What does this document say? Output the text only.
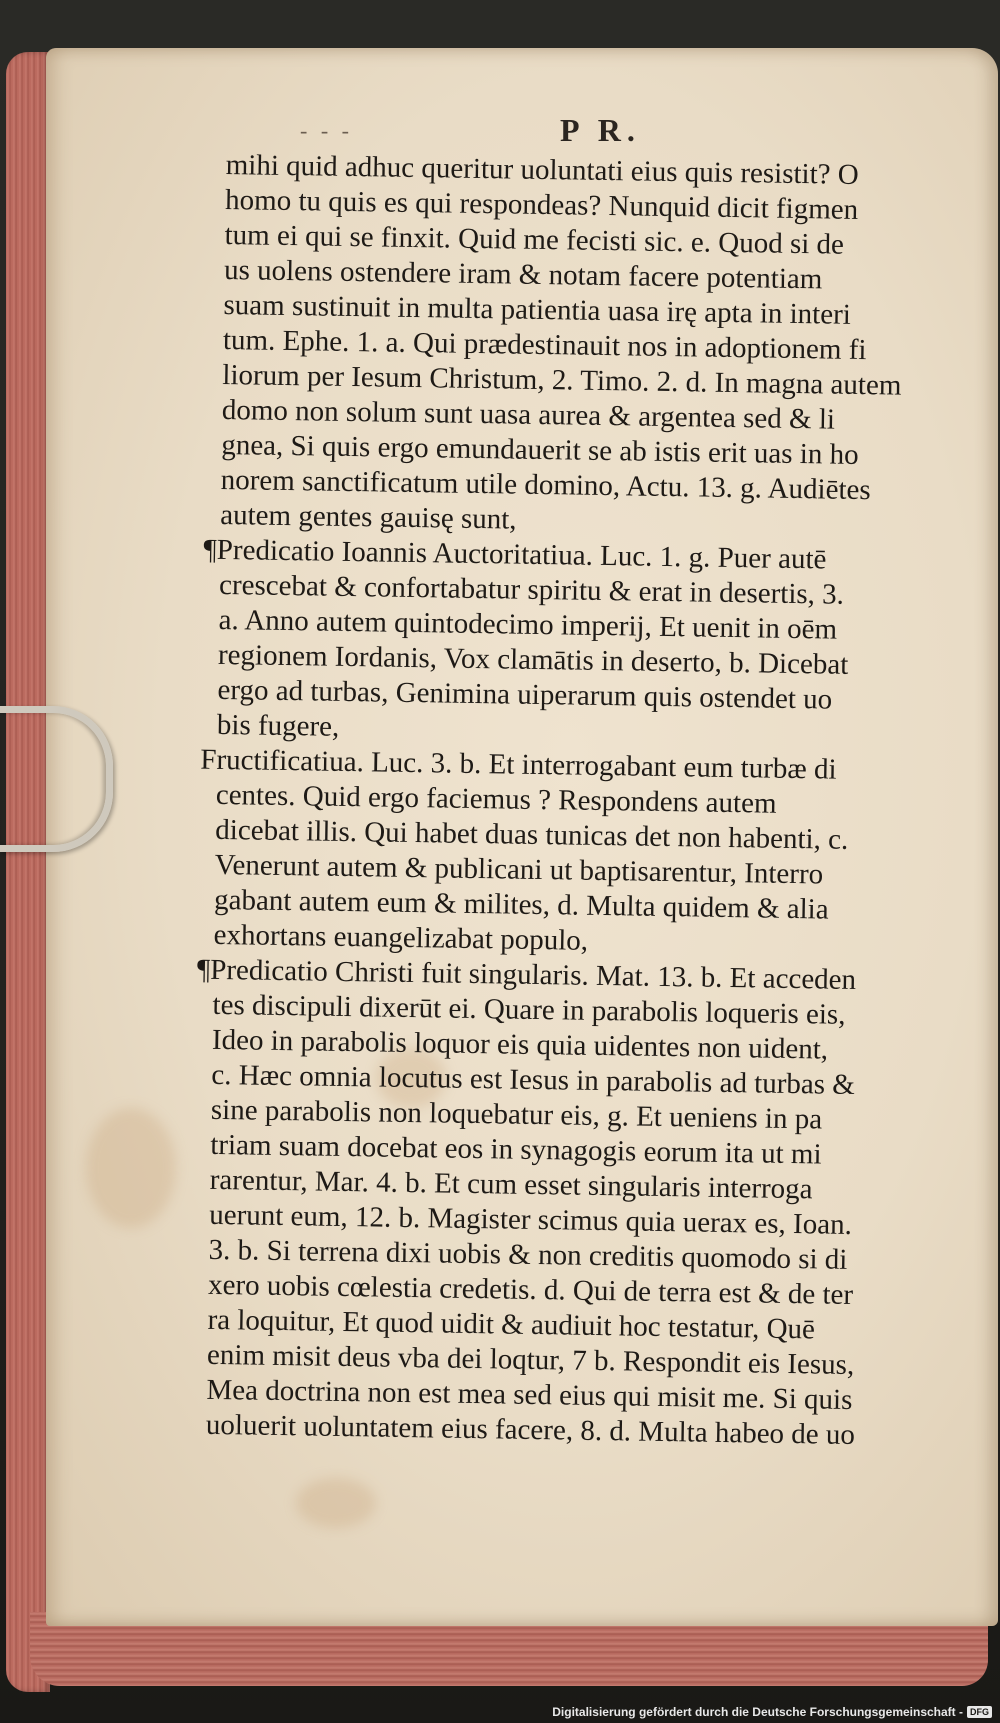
- - -	P R.
mihi quid adhuc queritur uoluntati eius quis resistit? O
homo tu quis es qui respondeas? Nunquid dicit figmen
tum ei qui se finxit. Quid me fecisti sic. e. Quod si de
us uolens ostendere iram & notam facere potentiam
suam sustinuit in multa patientia uasa irę apta in interi
tum. Ephe. 1. a. Qui prædestinauit nos in adoptionem fi
liorum per Iesum Christum, 2. Timo. 2. d. In magna autem
domo non solum sunt uasa aurea & argentea sed & li
gnea, Si quis ergo emundauerit se ab istis erit uas in ho
norem sanctificatum utile domino, Actu. 13. g. Audiētes
autem gentes gauisę sunt,
¶Predicatio Ioannis Auctoritatiua. Luc. 1. g. Puer autē
crescebat & confortabatur spiritu & erat in desertis, 3.
a. Anno autem quintodecimo imperij, Et uenit in oēm
regionem Iordanis, Vox clamātis in deserto, b. Dicebat
ergo ad turbas, Genimina uiperarum quis ostendet uo
bis fugere,
Fructificatiua. Luc. 3. b. Et interrogabant eum turbæ di
centes. Quid ergo faciemus ? Respondens autem
dicebat illis. Qui habet duas tunicas det non habenti, c.
Venerunt autem & publicani ut baptisarentur, Interro
gabant autem eum & milites, d. Multa quidem & alia
exhortans euangelizabat populo,
¶Predicatio Christi fuit singularis. Mat. 13. b. Et acceden
tes discipuli dixerūt ei. Quare in parabolis loqueris eis,
Ideo in parabolis loquor eis quia uidentes non uident,
c. Hæc omnia locutus est Iesus in parabolis ad turbas &
sine parabolis non loquebatur eis, g. Et ueniens in pa
triam suam docebat eos in synagogis eorum ita ut mi
rarentur, Mar. 4. b. Et cum esset singularis interroga
uerunt eum, 12. b. Magister scimus quia uerax es, Ioan.
3. b. Si terrena dixi uobis & non creditis quomodo si di
xero uobis cœlestia credetis. d. Qui de terra est & de ter
ra loquitur, Et quod uidit & audiuit hoc testatur, Quē
enim misit deus vba dei loqtur, 7 b. Respondit eis Iesus,
Mea doctrina non est mea sed eius qui misit me. Si quis
uoluerit uoluntatem eius facere, 8. d. Multa habeo de uo
Digitalisierung gefördert durch die Deutsche Forschungsgemeinschaft - DFG
